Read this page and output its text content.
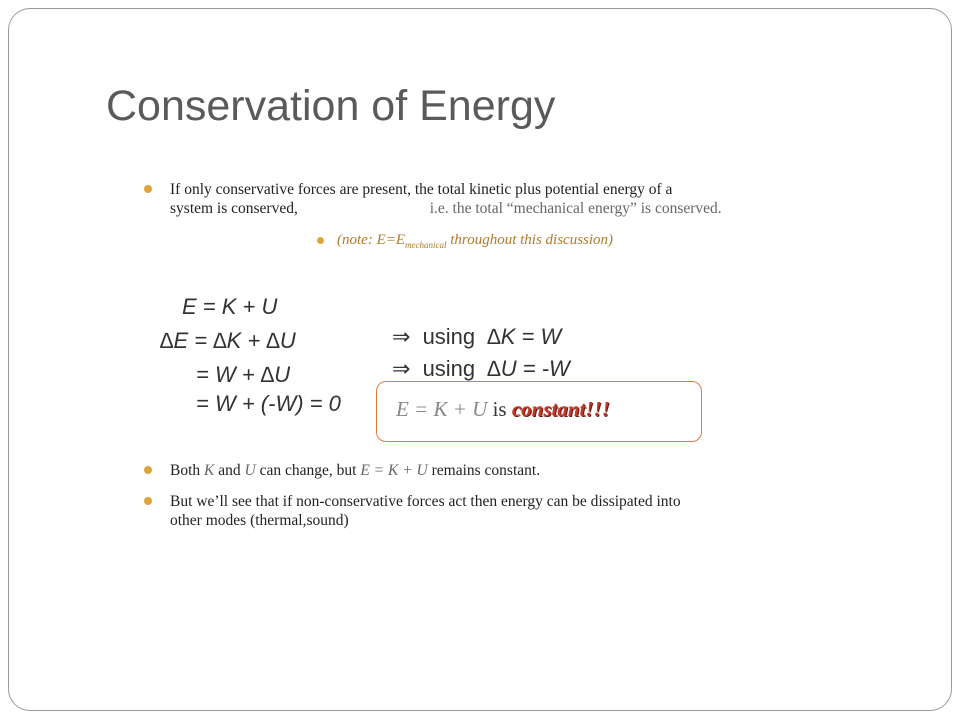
Conservation of Energy
If only conservative forces are present, the total kinetic plus potential energy of a
system is conserved,	i.e. the total “mechanical energy” is conserved.
(note: $E=E_{mechanical}$ throughout this discussion)
E = K + U
∆E = ∆K + ∆U
= W + ∆U
= W + (-W) = 0
⇒ using ∆K = W
⇒ using ∆U = -W
E = K + U is constant!!!
Both K and U can change, but E = K + U remains constant.
But we’ll see that if non-conservative forces act then energy can be dissipated into
other modes (thermal,sound)
